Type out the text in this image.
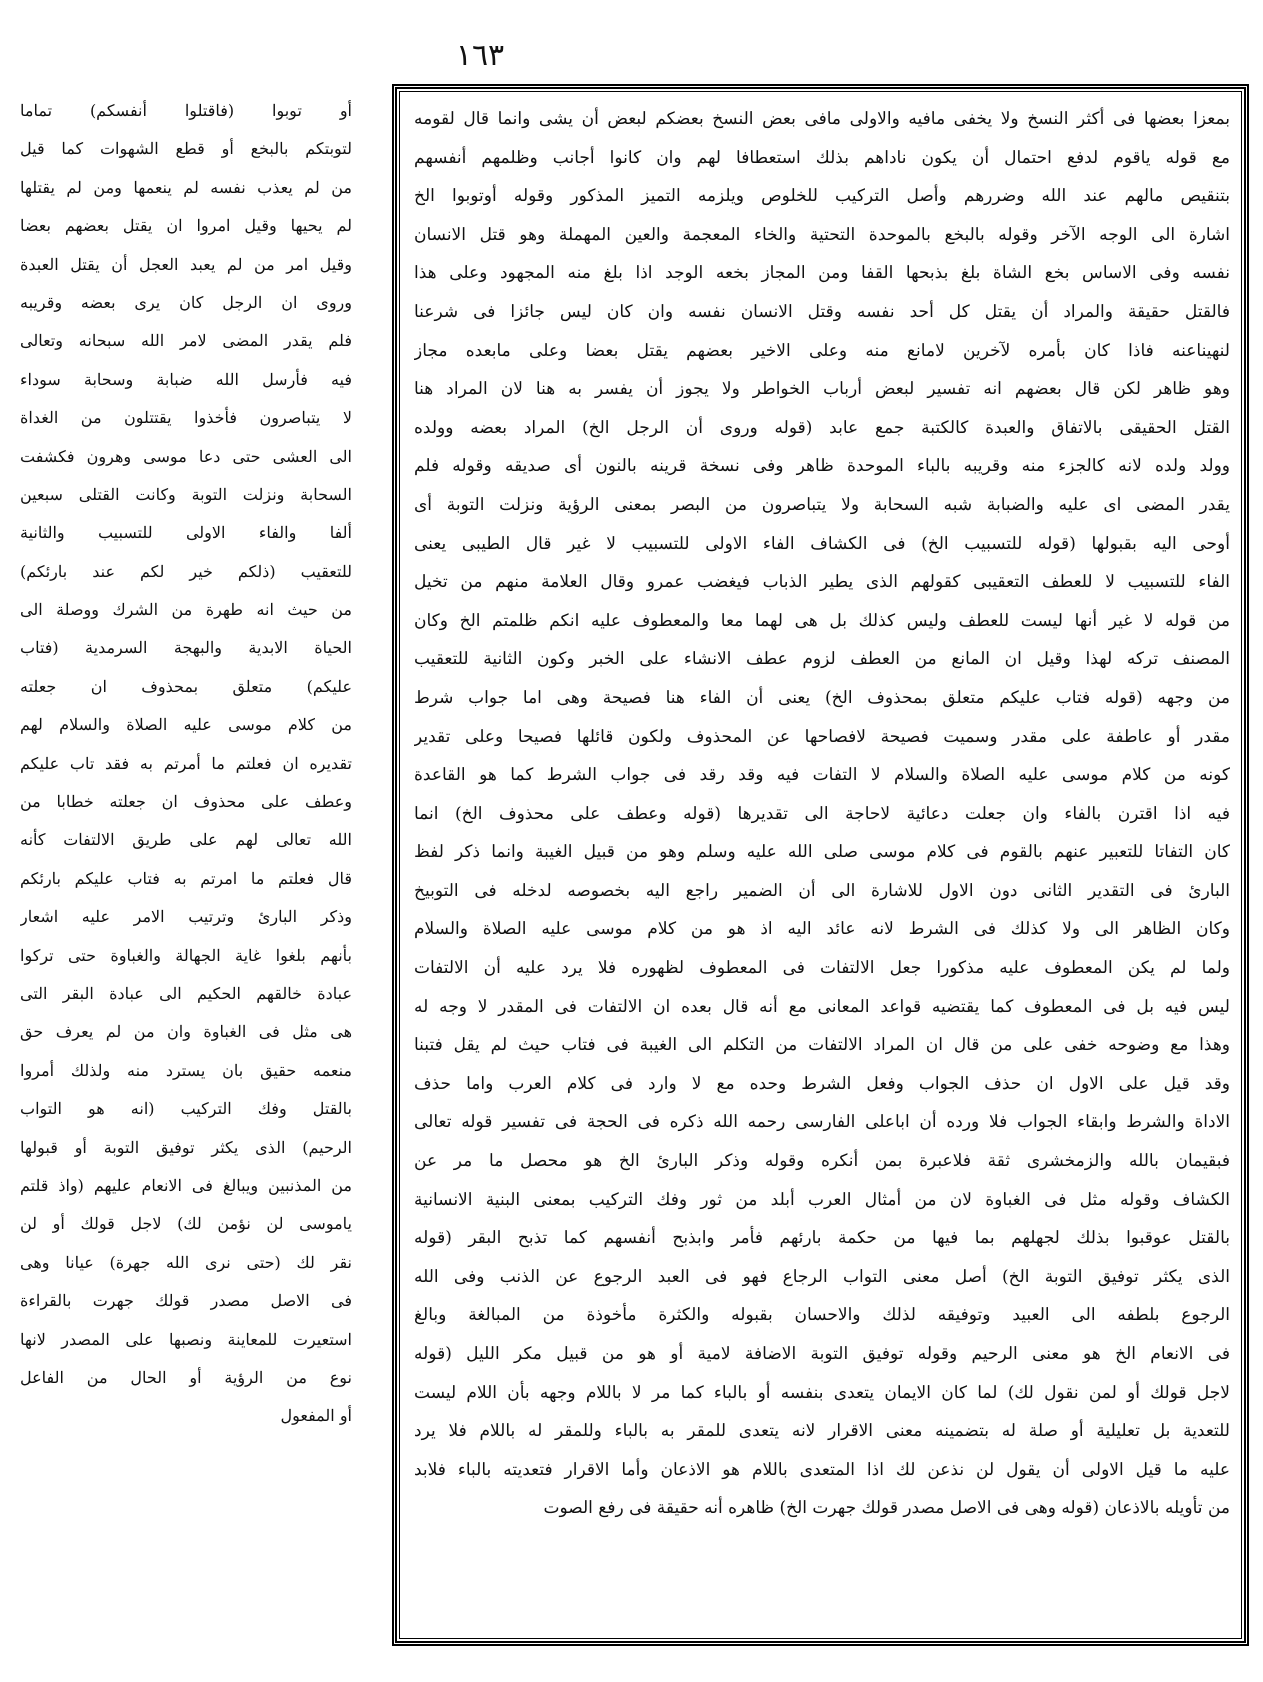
١٦٣
بمعزا بعضها فى أكثر النسخ ولا يخفى مافيه والاولى مافى بعض النسخ بعضكم لبعض أن يشى وانما قال لقومه
مع قوله ياقوم لدفع احتمال أن يكون ناداهم بذلك استعطافا لهم وان كانوا أجانب وظلمهم أنفسهم
بتنقيص مالهم عند الله وضررهم وأصل التركيب للخلوص ويلزمه التميز المذكور وقوله أوتوبوا الخ
اشارة الى الوجه الآخر وقوله بالبخع بالموحدة التحتية والخاء المعجمة والعين المهملة وهو قتل الانسان
نفسه وفى الاساس بخع الشاة بلغ بذبحها القفا ومن المجاز بخعه الوجد اذا بلغ منه المجهود وعلى هذا
فالقتل حقيقة والمراد أن يقتل كل أحد نفسه وقتل الانسان نفسه وان كان ليس جائزا فى شرعنا
لنهيناعنه فاذا كان بأمره لآخرين لامانع منه وعلى الاخير بعضهم يقتل بعضا وعلى مابعده مجاز
وهو ظاهر لكن قال بعضهم انه تفسير لبعض أرباب الخواطر ولا يجوز أن يفسر به هنا لان المراد هنا
القتل الحقيقى بالاتفاق والعبدة كالكتبة جمع عابد (قوله وروى أن الرجل الخ) المراد بعضه وولده
وولد ولده لانه كالجزء منه وقريبه بالباء الموحدة ظاهر وفى نسخة قرينه بالنون أى صديقه وقوله فلم
يقدر المضى اى عليه والضبابة شبه السحابة ولا يتباصرون من البصر بمعنى الرؤية ونزلت التوبة أى
أوحى اليه بقبولها (قوله للتسبيب الخ) فى الكشاف الفاء الاولى للتسبيب لا غير قال الطيبى يعنى
الفاء للتسبيب لا للعطف التعقيبى كقولهم الذى يطير الذباب فيغضب عمرو وقال العلامة منهم من تخيل
من قوله لا غير أنها ليست للعطف وليس كذلك بل هى لهما معا والمعطوف عليه انكم ظلمتم الخ وكان
المصنف تركه لهذا وقيل ان المانع من العطف لزوم عطف الانشاء على الخبر وكون الثانية للتعقيب
من وجهه (قوله فتاب عليكم متعلق بمحذوف الخ) يعنى أن الفاء هنا فصيحة وهى اما جواب شرط
مقدر أو عاطفة على مقدر وسميت فصيحة لافصاحها عن المحذوف ولكون قائلها فصيحا وعلى تقدير
كونه من كلام موسى عليه الصلاة والسلام لا التفات فيه وقد رقد فى جواب الشرط كما هو القاعدة
فيه اذا اقترن بالفاء وان جعلت دعائية لاحاجة الى تقديرها (قوله وعطف على محذوف الخ) انما
كان التفاتا للتعبير عنهم بالقوم فى كلام موسى صلى الله عليه وسلم وهو من قبيل الغيبة وانما ذكر لفظ
البارئ فى التقدير الثانى دون الاول للاشارة الى أن الضمير راجع اليه بخصوصه لدخله فى التوبيخ
وكان الظاهر الى ولا كذلك فى الشرط لانه عائد اليه اذ هو من كلام موسى عليه الصلاة والسلام
ولما لم يكن المعطوف عليه مذكورا جعل الالتفات فى المعطوف لظهوره فلا يرد عليه أن الالتفات
ليس فيه بل فى المعطوف كما يقتضيه قواعد المعانى مع أنه قال بعده ان الالتفات فى المقدر لا وجه له
وهذا مع وضوحه خفى على من قال ان المراد الالتفات من التكلم الى الغيبة فى فتاب حيث لم يقل فتبنا
وقد قيل على الاول ان حذف الجواب وفعل الشرط وحده مع لا وارد فى كلام العرب واما حذف
الاداة والشرط وابقاء الجواب فلا ورده أن اباعلى الفارسى رحمه الله ذكره فى الحجة فى تفسير قوله تعالى
فبقيمان بالله والزمخشرى ثقة فلاعبرة بمن أنكره وقوله وذكر البارئ الخ هو محصل ما مر عن
الكشاف وقوله مثل فى الغباوة لان من أمثال العرب أبلد من ثور وفك التركيب بمعنى البنية الانسانية
بالقتل عوقبوا بذلك لجهلهم بما فيها من حكمة بارئهم فأمر وابذبح أنفسهم كما تذبح البقر (قوله
الذى يكثر توفيق التوبة الخ) أصل معنى التواب الرجاع فهو فى العبد الرجوع عن الذنب وفى الله
الرجوع بلطفه الى العبيد وتوفيقه لذلك والاحسان بقبوله والكثرة مأخوذة من المبالغة وبالغ
فى الانعام الخ هو معنى الرحيم وقوله توفيق التوبة الاضافة لامية أو هو من قبيل مكر الليل (قوله
لاجل قولك أو لمن نقول لك) لما كان الايمان يتعدى بنفسه أو بالباء كما مر لا باللام وجهه بأن اللام ليست
للتعدية بل تعليلية أو صلة له بتضمينه معنى الاقرار لانه يتعدى للمقر به بالباء وللمقر له باللام فلا يرد
عليه ما قيل الاولى أن يقول لن نذعن لك اذا المتعدى باللام هو الاذعان وأما الاقرار فتعديته بالباء فلابد
من تأويله بالاذعان (قوله وهى فى الاصل مصدر قولك جهرت الخ) ظاهره أنه حقيقة فى رفع الصوت
أو توبوا (فاقتلوا أنفسكم) تماما
لتوبتكم بالبخع أو قطع الشهوات كما قيل
من لم يعذب نفسه لم ينعمها ومن لم يقتلها
لم يحيها وقيل امروا ان يقتل بعضهم بعضا
وقيل امر من لم يعبد العجل أن يقتل العبدة
وروى ان الرجل كان يرى بعضه وقريبه
فلم يقدر المضى لامر الله سبحانه وتعالى
فيه فأرسل الله ضبابة وسحابة سوداء
لا يتباصرون فأخذوا يقتتلون من الغداة
الى العشى حتى دعا موسى وهرون فكشفت
السحابة ونزلت التوبة وكانت القتلى سبعين
ألفا والفاء الاولى للتسبيب والثانية
للتعقيب (ذلكم خير لكم عند بارئكم)
من حيث انه طهرة من الشرك ووصلة الى
الحياة الابدية والبهجة السرمدية (فتاب
عليكم) متعلق بمحذوف ان جعلته
من كلام موسى عليه الصلاة والسلام لهم
تقديره ان فعلتم ما أمرتم به فقد تاب عليكم
وعطف على محذوف ان جعلته خطابا من
الله تعالى لهم على طريق الالتفات كأنه
قال فعلتم ما امرتم به فتاب عليكم بارئكم
وذكر البارئ وترتيب الامر عليه اشعار
بأنهم بلغوا غاية الجهالة والغباوة حتى تركوا
عبادة خالقهم الحكيم الى عبادة البقر التى
هى مثل فى الغباوة وان من لم يعرف حق
منعمه حقيق بان يسترد منه ولذلك أمروا
بالقتل وفك التركيب (انه هو التواب
الرحيم) الذى يكثر توفيق التوبة أو قبولها
من المذنبين ويبالغ فى الانعام عليهم (واذ قلتم
ياموسى لن نؤمن لك) لاجل قولك أو لن
نقر لك (حتى نرى الله جهرة) عيانا وهى
فى الاصل مصدر قولك جهرت بالقراءة
استعيرت للمعاينة ونصبها على المصدر لانها
نوع من الرؤية أو الحال من الفاعل
أو المفعول
